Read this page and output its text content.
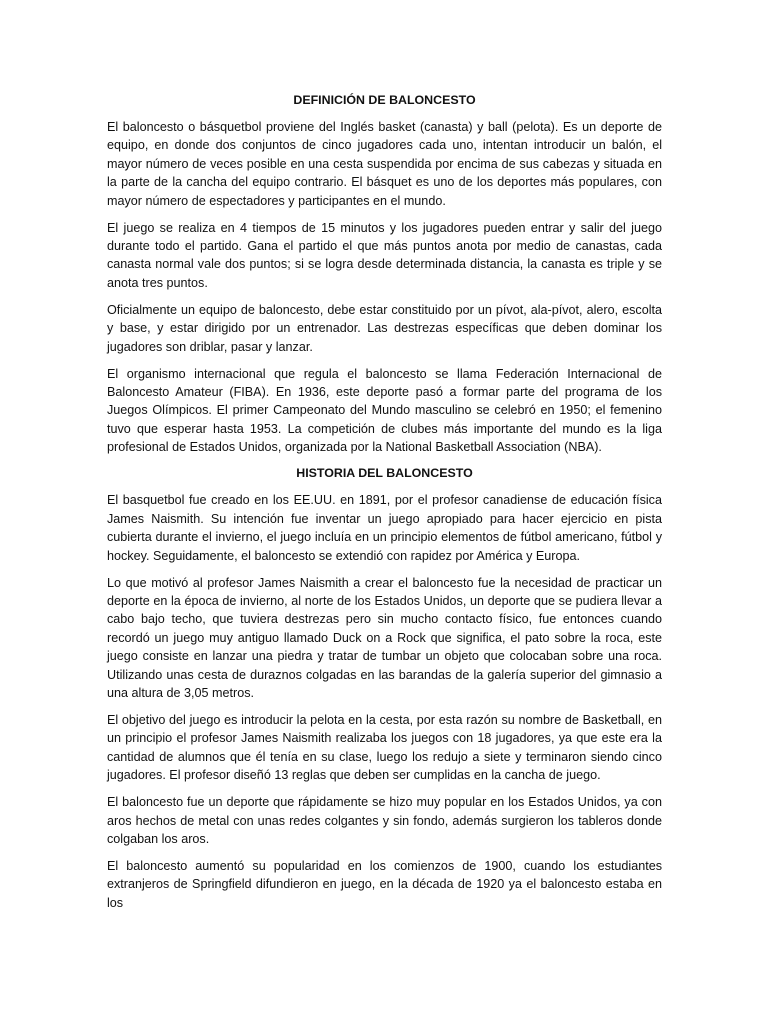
DEFINICIÓN DE BALONCESTO

El baloncesto o básquetbol proviene del Inglés basket (canasta) y ball (pelota). Es un deporte de equipo, en donde dos conjuntos de cinco jugadores cada uno, intentan introducir un balón, el mayor número de veces posible en una cesta suspendida por encima de sus cabezas y situada en la parte de la cancha del equipo contrario. El básquet es uno de los deportes más populares, con mayor número de espectadores y participantes en el mundo.

El juego se realiza en 4 tiempos de 15 minutos y los jugadores pueden entrar y salir del juego durante todo el partido. Gana el partido el que más puntos anota por medio de canastas, cada canasta normal vale dos puntos; si se logra desde determinada distancia, la canasta es triple y se anota tres puntos.

Oficialmente un equipo de baloncesto, debe estar constituido por un pívot, ala-pívot, alero, escolta y base, y estar dirigido por un entrenador. Las destrezas específicas que deben dominar los jugadores son driblar, pasar y lanzar.

El organismo internacional que regula el baloncesto se llama Federación Internacional de Baloncesto Amateur (FIBA). En 1936, este deporte pasó a formar parte del programa de los Juegos Olímpicos. El primer Campeonato del Mundo masculino se celebró en 1950; el femenino tuvo que esperar hasta 1953. La competición de clubes más importante del mundo es la liga profesional de Estados Unidos, organizada por la National Basketball Association (NBA).

HISTORIA DEL BALONCESTO

El basquetbol fue creado en los EE.UU. en 1891, por el profesor canadiense de educación física James Naismith. Su intención fue inventar un juego apropiado para hacer ejercicio en pista cubierta durante el invierno, el juego incluía en un principio elementos de fútbol americano, fútbol y hockey. Seguidamente, el baloncesto se extendió con rapidez por América y Europa.

Lo que motivó al profesor James Naismith a crear el baloncesto fue la necesidad de practicar un deporte en la época de invierno, al norte de los Estados Unidos, un deporte que se pudiera llevar a cabo bajo techo, que tuviera destrezas pero sin mucho contacto físico, fue entonces cuando recordó un juego muy antiguo llamado Duck on a Rock que significa, el pato sobre la roca, este juego consiste en lanzar una piedra y tratar de tumbar un objeto que colocaban sobre una roca. Utilizando unas cesta de duraznos colgadas en las barandas de la galería superior del gimnasio a una altura de 3,05 metros.

El objetivo del juego es introducir la pelota en la cesta, por esta razón su nombre de Basketball, en un principio el profesor James Naismith realizaba los juegos con 18 jugadores, ya que este era la cantidad de alumnos que él tenía en su clase, luego los redujo a siete y terminaron siendo cinco jugadores. El profesor diseñó 13 reglas que deben ser cumplidas en la cancha de juego.

El baloncesto fue un deporte que rápidamente se hizo muy popular en los Estados Unidos, ya con aros hechos de metal con unas redes colgantes y sin fondo, además surgieron los tableros donde colgaban los aros.

El baloncesto aumentó su popularidad en los comienzos de 1900, cuando los estudiantes extranjeros de Springfield difundieron en juego, en la década de 1920 ya el baloncesto estaba en los
